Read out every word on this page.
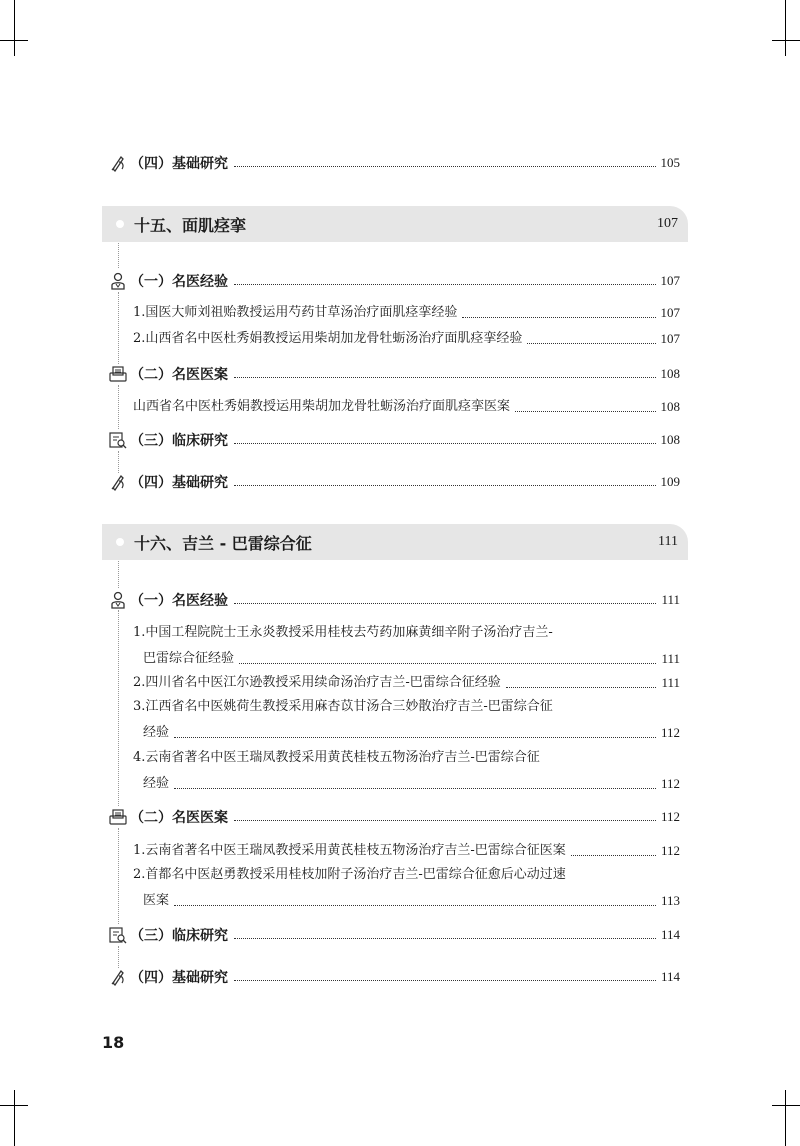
（四）基础研究	105
十五、面肌痉挛	107
（一）名医经验	107
1.国医大师刘祖贻教授运用芍药甘草汤治疗面肌痉挛经验	107
2.山西省名中医杜秀娟教授运用柴胡加龙骨牡蛎汤治疗面肌痉挛经验	107
（二）名医医案	108
山西省名中医杜秀娟教授运用柴胡加龙骨牡蛎汤治疗面肌痉挛医案	108
（三）临床研究	108
（四）基础研究	109
十六、吉兰 - 巴雷综合征	111
（一）名医经验	111
1.中国工程院院士王永炎教授采用桂枝去芍药加麻黄细辛附子汤治疗吉兰-
巴雷综合征经验	111
2.四川省名中医江尔逊教授采用续命汤治疗吉兰-巴雷综合征经验	111
3.江西省名中医姚荷生教授采用麻杏苡甘汤合三妙散治疗吉兰-巴雷综合征
经验	112
4.云南省著名中医王瑞凤教授采用黄芪桂枝五物汤治疗吉兰-巴雷综合征
经验	112
（二）名医医案	112
1.云南省著名中医王瑞凤教授采用黄芪桂枝五物汤治疗吉兰-巴雷综合征医案	112
2.首都名中医赵勇教授采用桂枝加附子汤治疗吉兰-巴雷综合征愈后心动过速
医案	113
（三）临床研究	114
（四）基础研究	114
18
